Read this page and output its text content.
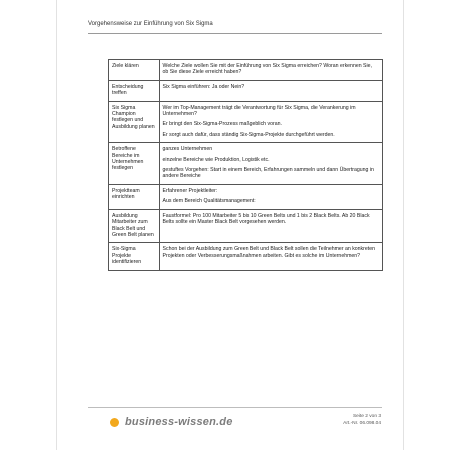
Vorgehensweise zur Einführung von Six Sigma
Ziele klären	Welche Ziele wollen Sie mit der Einführung von Six Sigma erreichen? Woran erkennen Sie, ob Sie diese Ziele erreicht haben?

Entscheidung treffen	Six Sigma einführen: Ja oder Nein?

Six Sigma Champion festlegen und Ausbildung planen	Wer im Top-Management trägt die Verantwortung für Six Sigma, die Verankerung im Unternehmen?

Er bringt den Six-Sigma-Prozess maßgeblich voran.

Er sorgt auch dafür, dass ständig Six-Sigma-Projekte durchgeführt werden.

Betroffene Bereiche im Unternehmen festlegen	ganzes Unternehmen

einzelne Bereiche wie Produktion, Logistik etc.

gestuftes Vorgehen: Start in einem Bereich, Erfahrungen sammeln und dann Übertragung in andere Bereiche

Projektteam einrichten	Erfahrener Projektleiter:

Aus dem Bereich Qualitätsmanagement:

Ausbildung Mitarbeiter zum Black Belt und Green Belt planen	Faustformel: Pro 100 Mitarbeiter 5 bis 10 Green Belts und 1 bis 2 Black Belts. Ab 20 Black Belts sollte ein Master Black Belt vorgesehen werden.

Six-Sigma Projekte identifizieren	Schon bei der Ausbildung zum Green Belt und Black Belt sollen die Teilnehmer an konkreten Projekten oder Verbesserungsmaßnahmen arbeiten. Gibt es solche im Unternehmen?

business-wissen.de	Seite 2 von 3
Art.-Nr. 06.098.04
